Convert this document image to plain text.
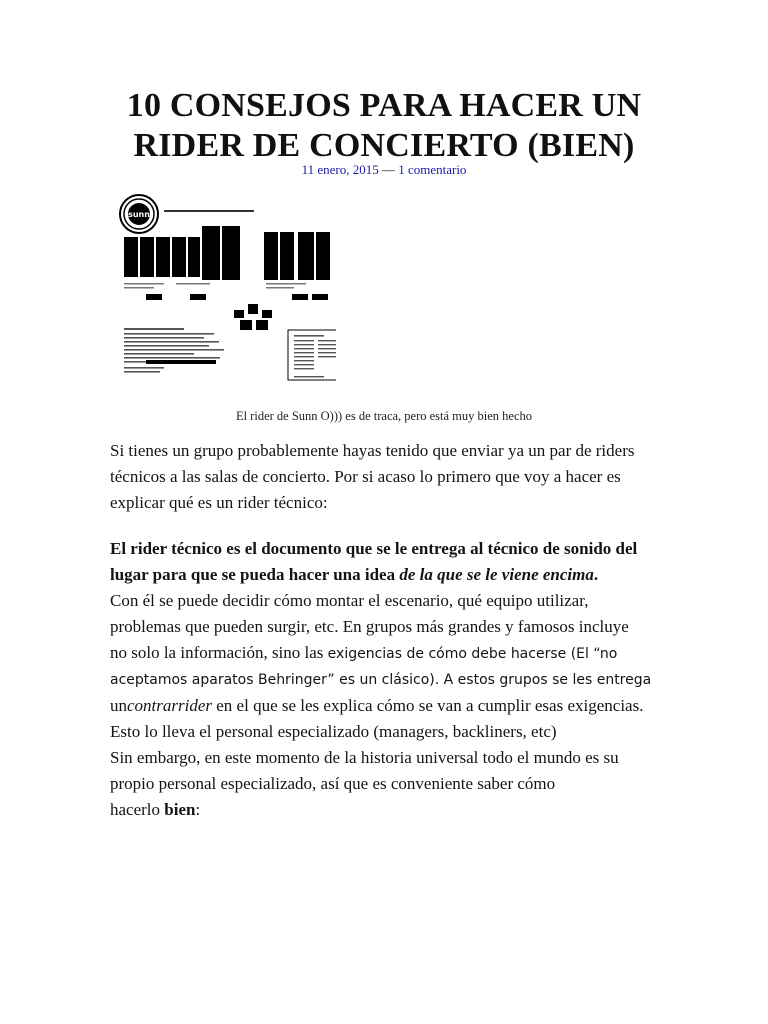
10 CONSEJOS PARA HACER UN
RIDER DE CONCIERTO (BIEN)
11 enero, 2015 — 1 comentario
sunn
El rider de Sunn O))) es de traca, pero está muy bien hecho
Si tienes un grupo probablemente hayas tenido que enviar ya un par de riders
técnicos a las salas de concierto. Por si acaso lo primero que voy a hacer es
explicar qué es un rider técnico:
El rider técnico es el documento que se le entrega al técnico de sonido del
lugar para que se pueda hacer una idea de la que se le viene encima.
Con él se puede decidir cómo montar el escenario, qué equipo utilizar,
problemas que pueden surgir, etc. En grupos más grandes y famosos incluye
no solo la información, sino las exigencias de cómo debe hacerse (El “no
aceptamos aparatos Behringer” es un clásico). A estos grupos se les entrega
uncontrarrider en el que se les explica cómo se van a cumplir esas exigencias.
Esto lo lleva el personal especializado (managers, backliners, etc)
Sin embargo, en este momento de la historia universal todo el mundo es su
propio personal especializado, así que es conveniente saber cómo
hacerlo bien:
